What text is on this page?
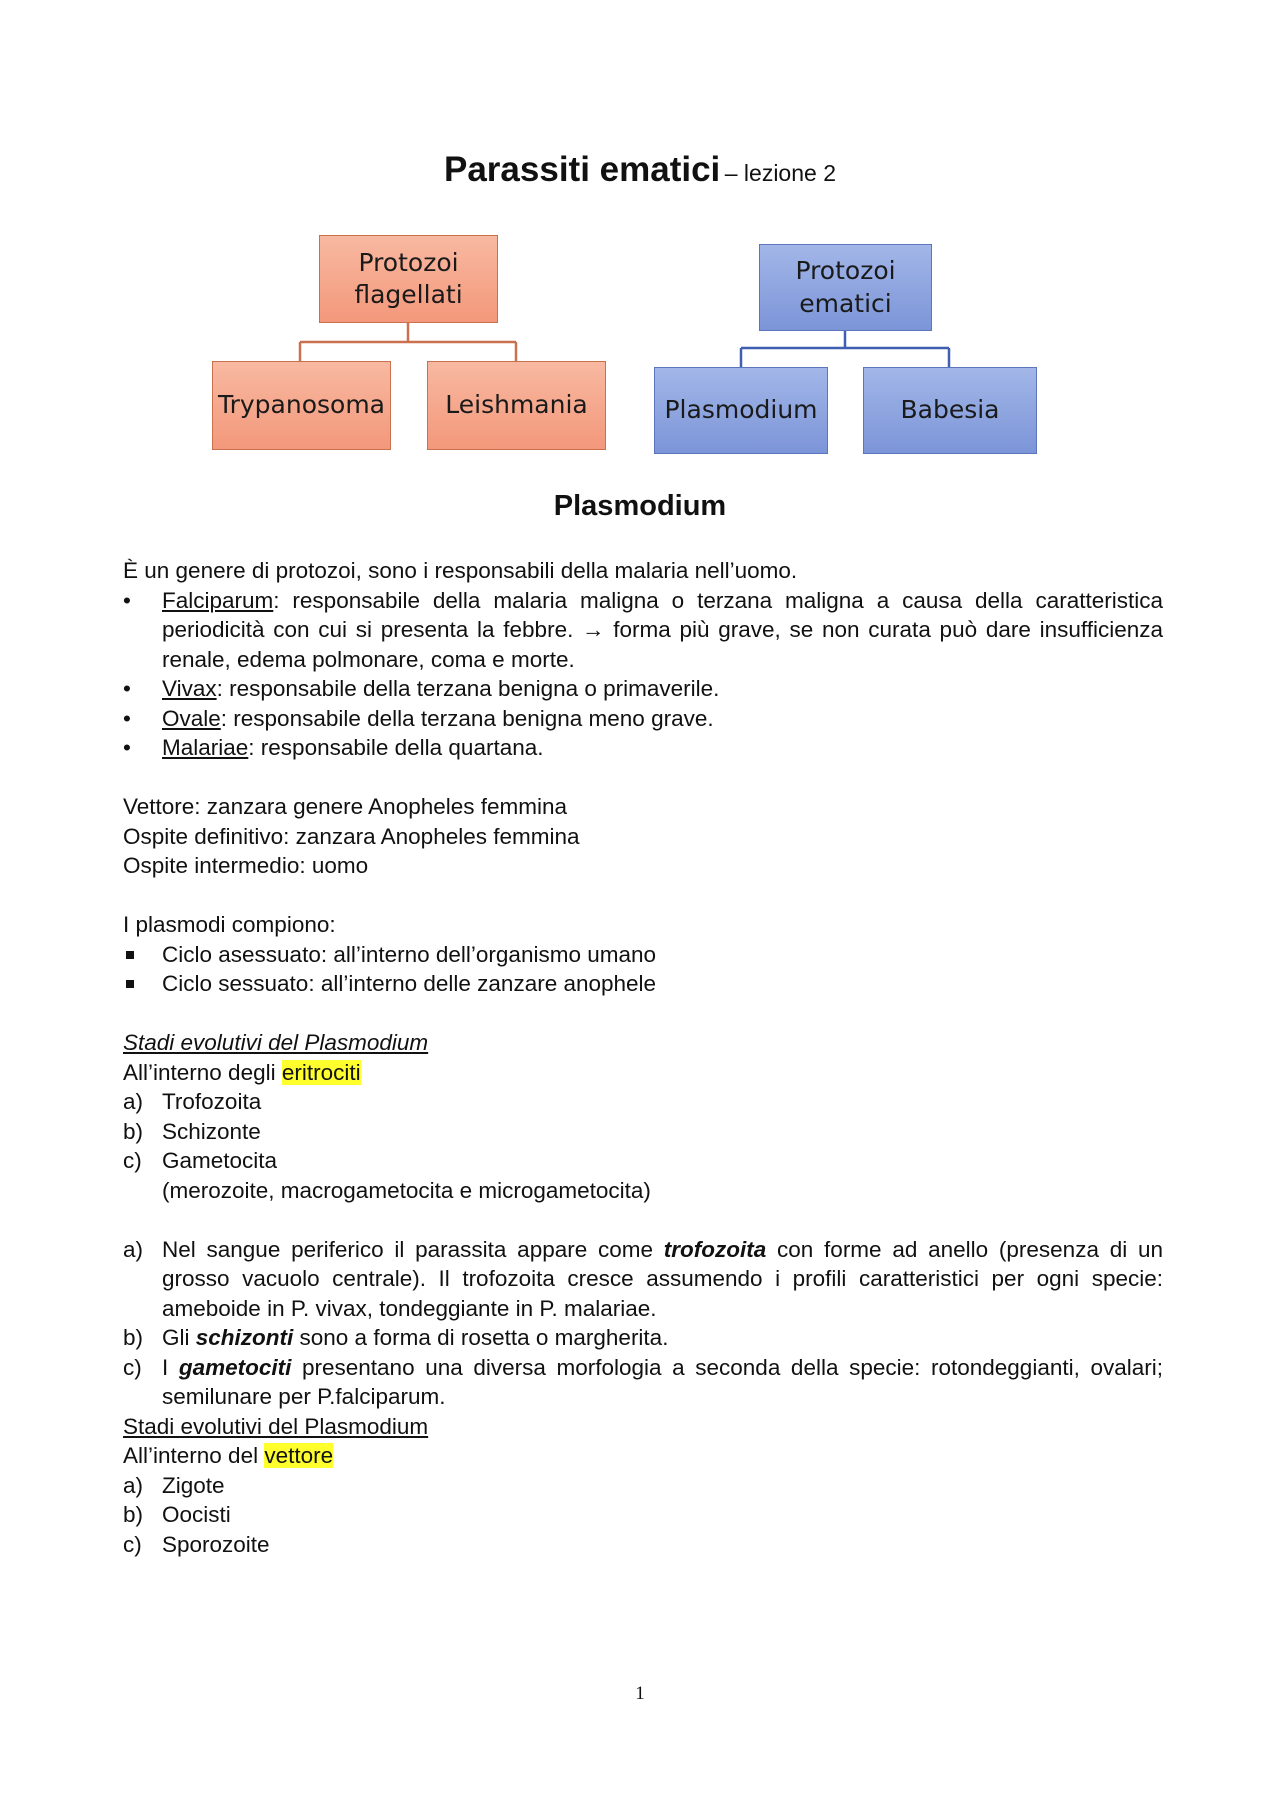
Parassiti ematici – lezione 2
Protozoi
flagellati
Trypanosoma Leishmania
Protozoi
ematici
Plasmodium	Babesia
Plasmodium

È un genere di protozoi, sono i responsabili della malaria nell’uomo.

• Falciparum: responsabile della malaria maligna o terzana maligna a causa della caratteristica periodicità con cui si presenta la febbre. → forma più grave, se non curata può dare insufficienza renale, edema polmonare, coma e morte.
• Vivax: responsabile della terzana benigna o primaverile.
• Ovale: responsabile della terzana benigna meno grave.
• Malariae: responsabile della quartana.

Vettore: zanzara genere Anopheles femmina

Ospite definitivo: zanzara Anopheles femmina

Ospite intermedio: uomo

I plasmodi compiono:

Ciclo asessuato: all’interno dell’organismo umano
Ciclo sessuato: all’interno delle zanzare anophele

Stadi evolutivi del Plasmodium

All’interno degli eritrociti

a) Trofozoita
b) Schizonte
c) Gametocita
(merozoite, macrogametocita e microgametocita)
a) Nel sangue periferico il parassita appare come trofozoita con forme ad anello (presenza di un grosso vacuolo centrale). Il trofozoita cresce assumendo i profili caratteristici per ogni specie: ameboide in P. vivax, tondeggiante in P. malariae.
b) Gli schizonti sono a forma di rosetta o margherita.
c) I gametociti presentano una diversa morfologia a seconda della specie: rotondeggianti, ovalari; semilunare per P.falciparum.

Stadi evolutivi del Plasmodium

All’interno del vettore

a) Zigote
b) Oocisti
c) Sporozoite
1
